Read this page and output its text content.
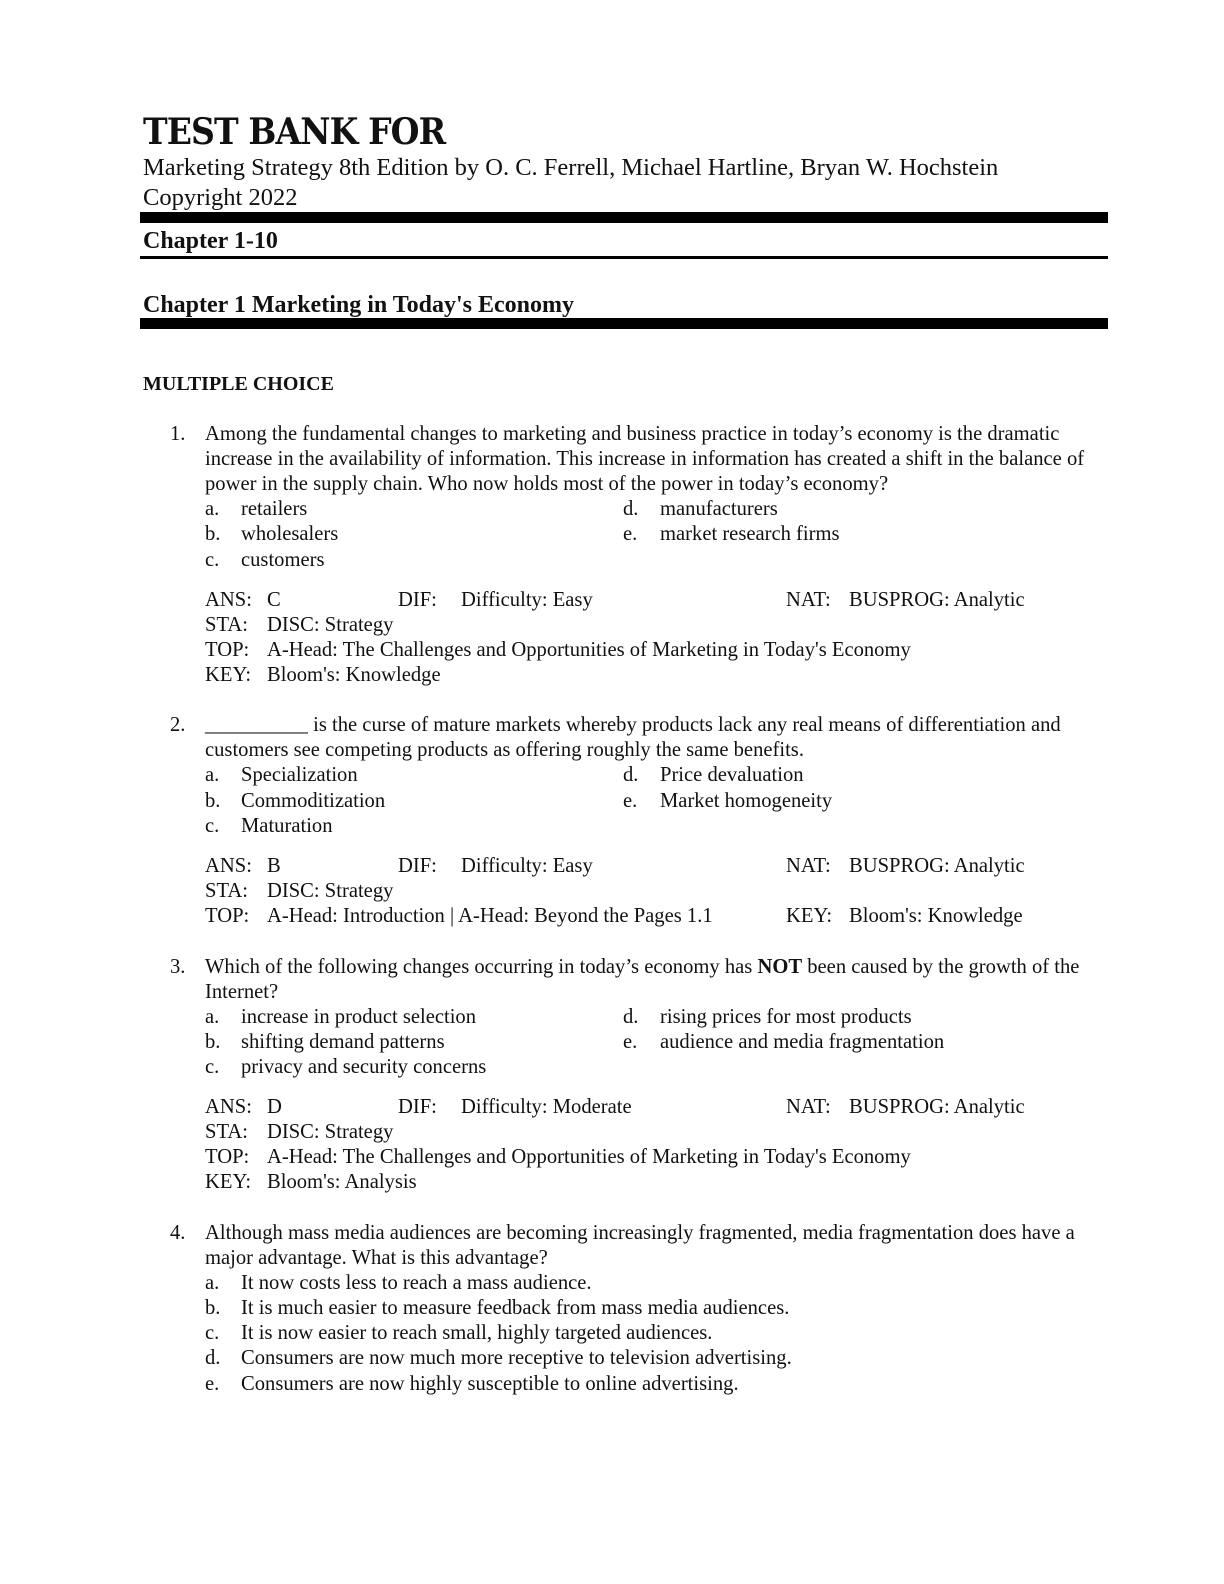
TEST BANK FOR
Marketing Strategy 8th Edition by O. C. Ferrell, Michael Hartline, Bryan W. Hochstein
Copyright 2022
Chapter 1-10
Chapter 1 Marketing in Today's Economy
MULTIPLE CHOICE
1. Among the fundamental changes to marketing and business practice in today’s economy is the dramatic increase in the availability of information. This increase in information has created a shift in the balance of power in the supply chain. Who now holds most of the power in today’s economy?
a. retailers
b. wholesalers
c. customers
d. manufacturers
e. market research firms
ANS: C	DIF: Difficulty: Easy	NAT: BUSPROG: Analytic
STA: DISC: Strategy
TOP: A-Head: The Challenges and Opportunities of Marketing in Today's Economy
KEY: Bloom's: Knowledge
2. __________ is the curse of mature markets whereby products lack any real means of differentiation and customers see competing products as offering roughly the same benefits.
a. Specialization
b. Commoditization
c. Maturation
d. Price devaluation
e. Market homogeneity
ANS: B	DIF: Difficulty: Easy	NAT: BUSPROG: Analytic
STA: DISC: Strategy
TOP: A-Head: Introduction | A-Head: Beyond the Pages 1.1	KEY: Bloom's: Knowledge
3. Which of the following changes occurring in today’s economy has NOT been caused by the growth of the Internet?
a. increase in product selection
b. shifting demand patterns
c. privacy and security concerns
d. rising prices for most products
e. audience and media fragmentation
ANS: D	DIF: Difficulty: Moderate	NAT: BUSPROG: Analytic
STA: DISC: Strategy
TOP: A-Head: The Challenges and Opportunities of Marketing in Today's Economy
KEY: Bloom's: Analysis
4. Although mass media audiences are becoming increasingly fragmented, media fragmentation does have a major advantage. What is this advantage?
a. It now costs less to reach a mass audience.
b. It is much easier to measure feedback from mass media audiences.
c. It is now easier to reach small, highly targeted audiences.
d. Consumers are now much more receptive to television advertising.
e. Consumers are now highly susceptible to online advertising.
